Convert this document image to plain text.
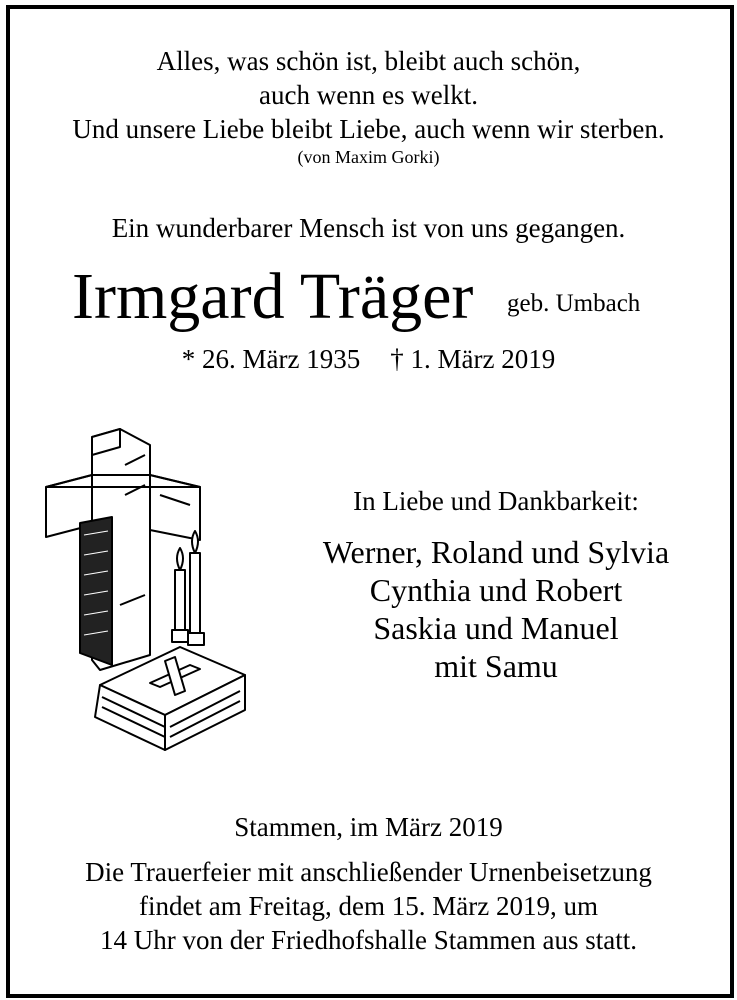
Alles, was schön ist, bleibt auch schön,
auch wenn es welkt.
Und unsere Liebe bleibt Liebe, auch wenn wir sterben.
(von Maxim Gorki)
Ein wunderbarer Mensch ist von uns gegangen.
Irmgard Träger geb. Umbach
* 26. März 1935 † 1. März 2019
In Liebe und Dankbarkeit:
Werner, Roland und Sylvia
Cynthia und Robert
Saskia und Manuel
mit Samu
Stammen, im März 2019
Die Trauerfeier mit anschließender Urnenbeisetzung
findet am Freitag, dem 15. März 2019, um
14 Uhr von der Friedhofshalle Stammen aus statt.
